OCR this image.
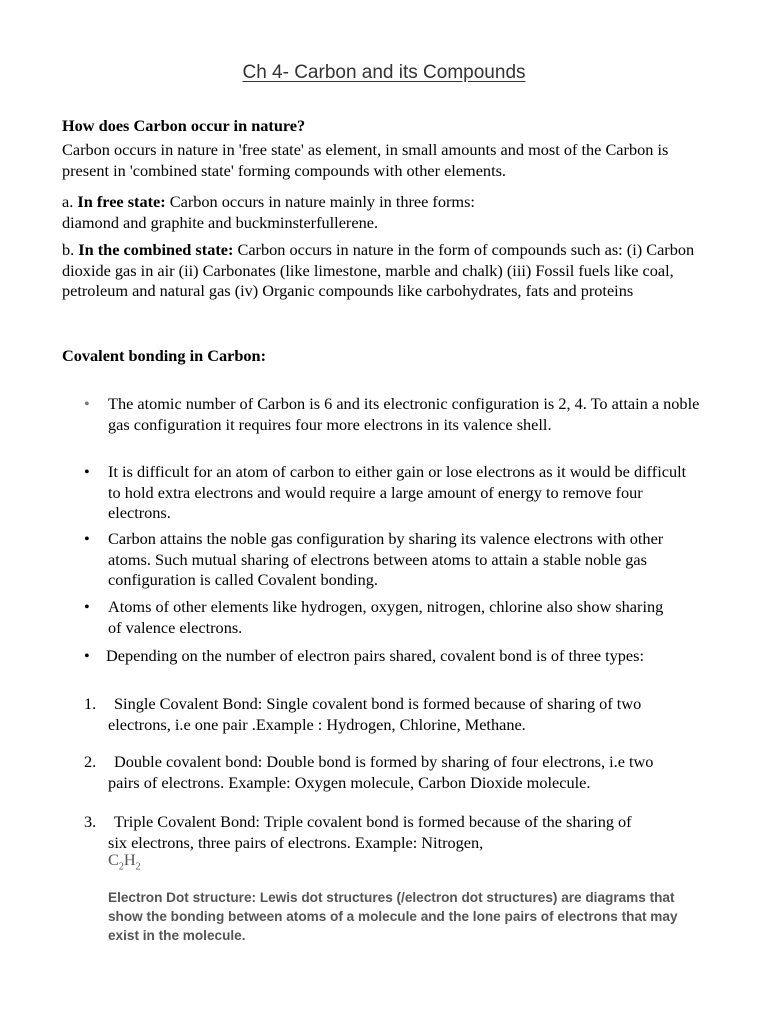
Ch 4- Carbon and its Compounds
How does Carbon occur in nature?
Carbon occurs in nature in 'free state' as element, in small amounts and most of the Carbon is present in 'combined state' forming compounds with other elements.
a. In free state: Carbon occurs in nature mainly in three forms:
diamond and graphite and buckminsterfullerene.
b. In the combined state: Carbon occurs in nature in the form of compounds such as: (i) Carbon dioxide gas in air (ii) Carbonates (like limestone, marble and chalk) (iii) Fossil fuels like coal, petroleum and natural gas (iv) Organic compounds like carbohydrates, fats and proteins
Covalent bonding in Carbon:
• The atomic number of Carbon is 6 and its electronic configuration is 2, 4. To attain a noble gas configuration it requires four more electrons in its valence shell.
• It is difficult for an atom of carbon to either gain or lose electrons as it would be difficult to hold extra electrons and would require a large amount of energy to remove four electrons.
• Carbon attains the noble gas configuration by sharing its valence electrons with other atoms. Such mutual sharing of electrons between atoms to attain a stable noble gas configuration is called Covalent bonding.
• Atoms of other elements like hydrogen, oxygen, nitrogen, chlorine also show sharing of valence electrons.
• Depending on the number of electron pairs shared, covalent bond is of three types:
1.	Single Covalent Bond: Single covalent bond is formed because of sharing of two electrons, i.e one pair .Example : Hydrogen, Chlorine, Methane.
2.	Double covalent bond: Double bond is formed by sharing of four electrons, i.e two pairs of electrons. Example: Oxygen molecule, Carbon Dioxide molecule.
3.	Triple Covalent Bond: Triple covalent bond is formed because of the sharing of six electrons, three pairs of electrons. Example: Nitrogen,
$C_2H_2$

Electron Dot structure: Lewis dot structures (/electron dot structures) are diagrams that show the bonding between atoms of a molecule and the lone pairs of electrons that may exist in the molecule.
